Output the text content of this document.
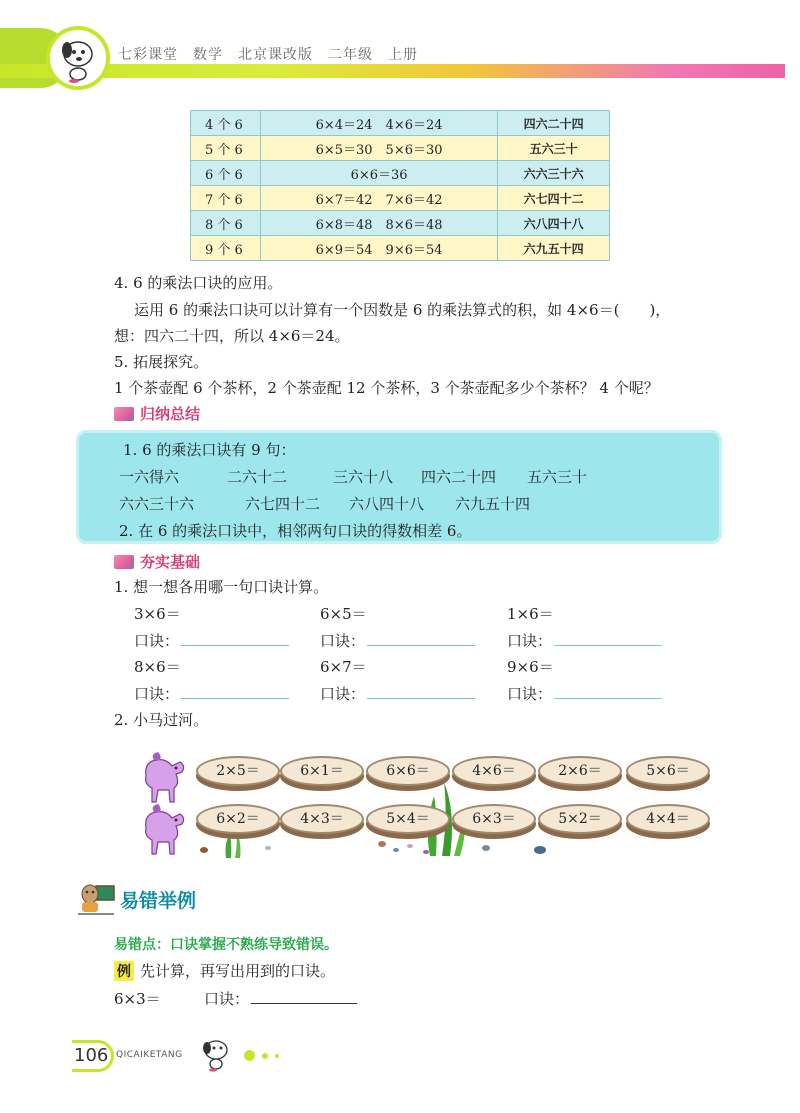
七彩课堂　数学　北京课改版　二年级　上册
4 个 6	6×4＝24　4×6＝24	四六二十四
5 个 6	6×5＝30　5×6＝30	五六三十
6 个 6	6×6＝36	六六三十六
7 个 6	6×7＝42　7×6＝42	六七四十二
8 个 6	6×8＝48　8×6＝48	六八四十八
9 个 6	6×9＝54　9×6＝54	六九五十四
4. 6 的乘法口诀的应用。
运用 6 的乘法口诀可以计算有一个因数是 6 的乘法算式的积，如 4×6＝(　　)，
想：四六二十四，所以 4×6＝24。
5. 拓展探究。
1 个茶壶配 6 个茶杯，2 个茶壶配 12 个茶杯，3 个茶壶配多少个茶杯？ 4 个呢？
归纳总结
1. 6 的乘法口诀有 9 句：
一六得六	二六十二	三六十八 四六二十四 五六三十
六六三十六	六七四十二 六八四十八 六九五十四
2. 在 6 的乘法口诀中，相邻两句口诀的得数相差 6。
夯实基础
1. 想一想各用哪一句口诀计算。
3×6＝	6×5＝	1×6＝
口诀：	口诀：	口诀：
8×6＝	6×7＝	9×6＝
口诀：	口诀：	口诀：
2. 小马过河。
2×5＝	6×1＝	6×6＝	4×6＝	2×6＝	5×6＝
6×2＝	4×3＝	5×4＝	6×3＝	5×2＝	4×4＝
易错举例
易错点：口诀掌握不熟练导致错误。
例 先计算，再写出用到的口诀。
6×3＝	口诀：
106 QICAIKETANG
